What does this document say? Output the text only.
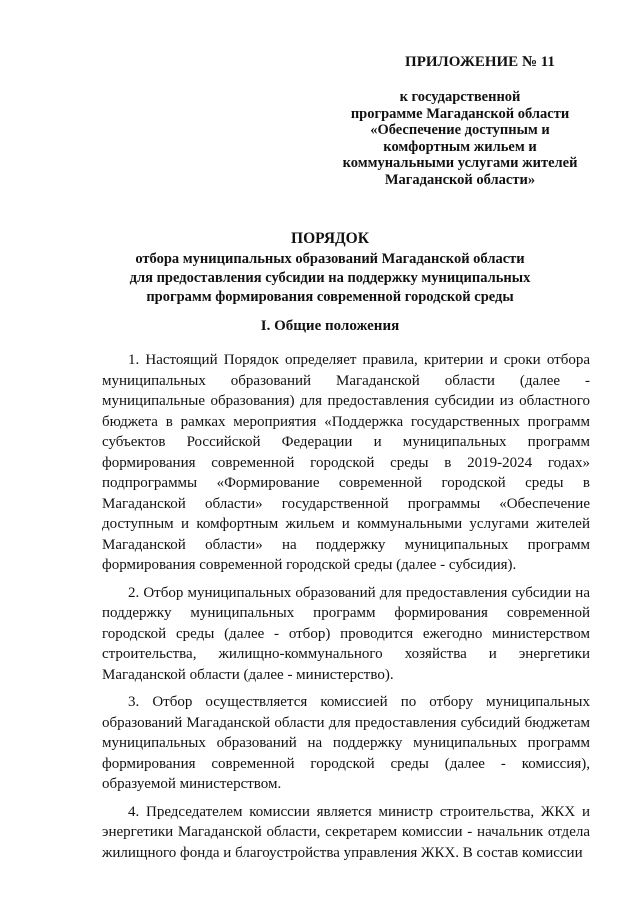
ПРИЛОЖЕНИЕ № 11
к государственной
программе Магаданской области
«Обеспечение доступным и
комфортным жильем и
коммунальными услугами жителей
Магаданской области»
ПОРЯДОК
отбора муниципальных образований Магаданской области
для предоставления субсидии на поддержку муниципальных
программ формирования современной городской среды
I. Общие положения

1. Настоящий Порядок определяет правила, критерии и сроки отбора муниципальных образований Магаданской области (далее - муниципальные образования) для предоставления субсидии из областного бюджета в рамках мероприятия «Поддержка государственных программ субъектов Российской Федерации и муниципальных программ формирования современной городской среды в 2019-2024 годах» подпрограммы «Формирование современной городской среды в Магаданской области» государственной программы «Обеспечение доступным и комфортным жильем и коммунальными услугами жителей Магаданской области» на поддержку муниципальных программ формирования современной городской среды (далее - субсидия).

2. Отбор муниципальных образований для предоставления субсидии на поддержку муниципальных программ формирования современной городской среды (далее - отбор) проводится ежегодно министерством строительства, жилищно-коммунального хозяйства и энергетики Магаданской области (далее - министерство).

3. Отбор осуществляется комиссией по отбору муниципальных образований Магаданской области для предоставления субсидий бюджетам муниципальных образований на поддержку муниципальных программ формирования современной городской среды (далее - комиссия), образуемой министерством.

4. Председателем комиссии является министр строительства, ЖКХ и энергетики Магаданской области, секретарем комиссии - начальник отдела жилищного фонда и благоустройства управления ЖКХ. В состав комиссии
